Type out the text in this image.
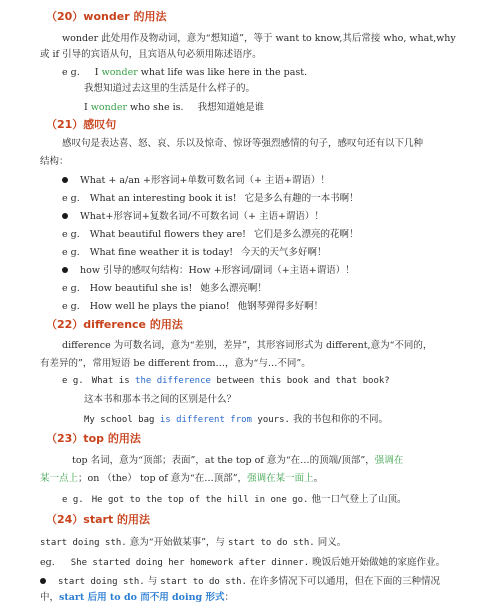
（20）wonder 的用法
wonder 此处用作及物动词，意为“想知道”，等于 want to know,其后常接 who, what,why
或 if 引导的宾语从句，且宾语从句必须用陈述语序。
e g. I wonder what life was like here in the past.
我想知道过去这里的生活是什么样子的。
I wonder who she is. 我想知道她是谁
（21）感叹句
感叹句是表达喜、怒、哀、乐以及惊奇、惊讶等强烈感情的句子，感叹句还有以下几种
结构：
What + a/an +形容词+单数可数名词（+ 主语+谓语）！
e g. What an interesting book it is! 它是多么有趣的一本书啊！
What+形容词+复数名词/不可数名词（+ 主语+谓语）！
e g. What beautiful flowers they are! 它们是多么漂亮的花啊！
e g. What fine weather it is today! 今天的天气多好啊！
how 引导的感叹句结构：How +形容词/副词（+主语+谓语）！
e g. How beautiful she is! 她多么漂亮啊！
e g. How well he plays the piano! 他钢琴弹得多好啊！
（22）difference 的用法
difference 为可数名词，意为“差别，差异”，其形容词形式为 different,意为“不同的，
有差异的”，常用短语 be different from…，意为“与…不同”。
e g. What is the difference between this book and that book?
这本书和那本书之间的区别是什么？
My school bag is different from yours. 我的书包和你的不同。
（23）top 的用法
top 名词，意为“顶部；表面”，at the top of 意为“在…的顶端/顶部”，强调在
某一点上；on （the） top of 意为“在…顶部”，强调在某一面上。
e g. He got to the top of the hill in one go. 他一口气登上了山顶。
（24）start 的用法
start doing sth. 意为“开始做某事”，与 start to do sth. 同义。
eg. She started doing her homework after dinner. 晚饭后她开始做她的家庭作业。
start doing sth. 与 start to do sth. 在许多情况下可以通用，但在下面的三种情况
中，start 后用 to do 而不用 doing 形式：
